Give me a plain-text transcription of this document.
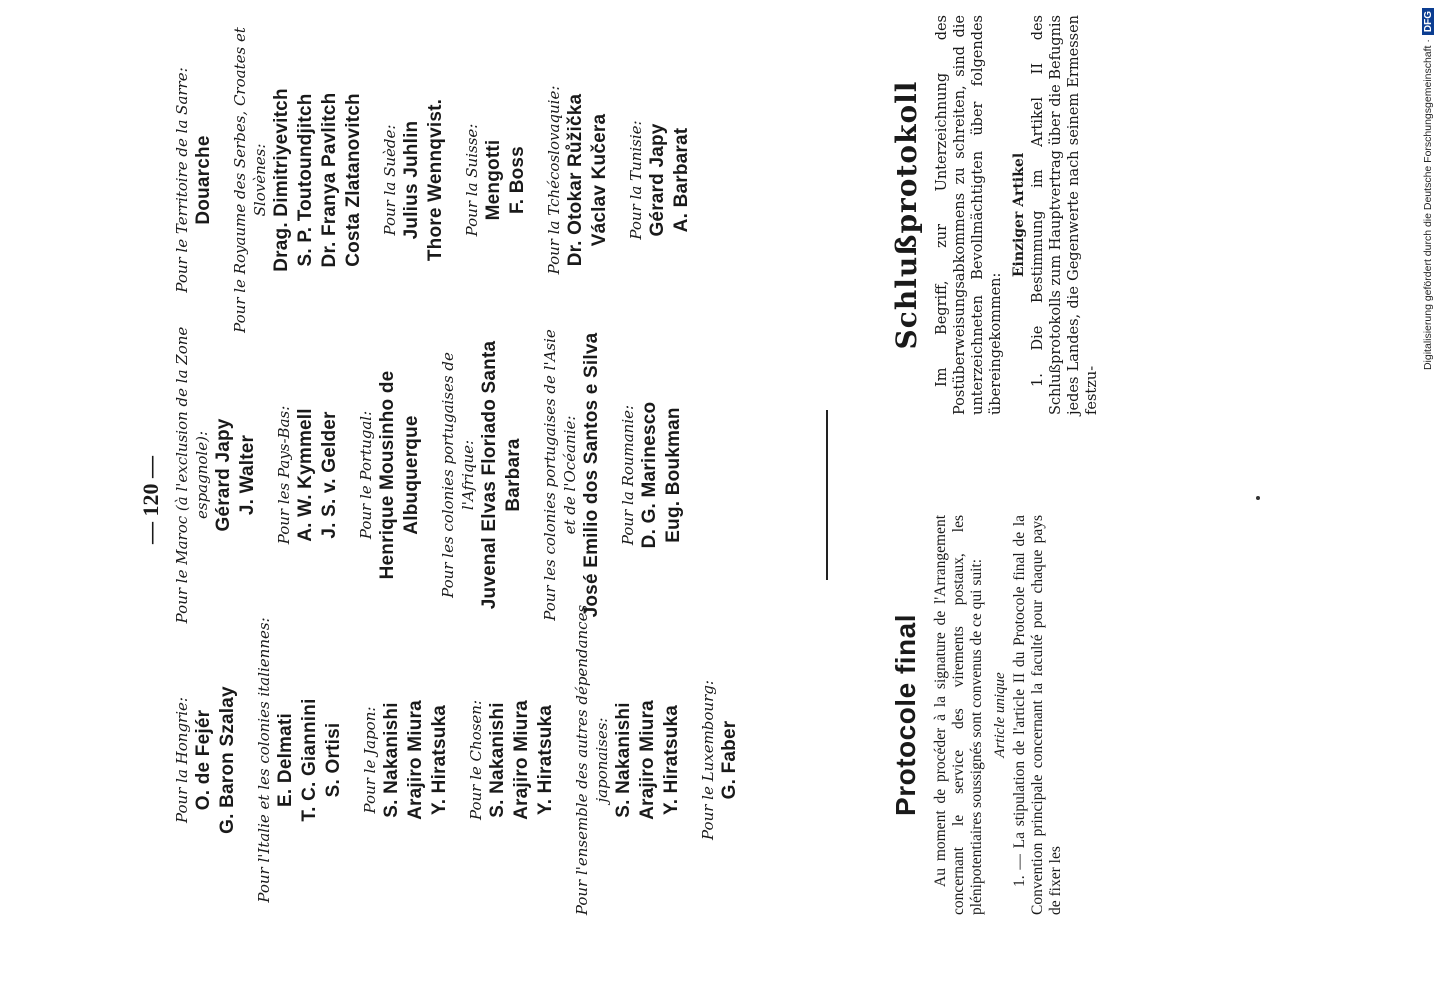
— 120 —
Pour la Hongrie: O. de Fejér G. Baron Szalay Pour l'Italie et les colonies italiennes: E. Delmati T. C. Giannini S. Ortisi Pour le Japon: S. Nakanishi Arajiro Miura Y. Hiratsuka Pour le Chosen: S. Nakanishi Arajiro Miura Y. Hiratsuka Pour l'ensemble des autres dépendances japonaises: S. Nakanishi Arajiro Miura Y. Hiratsuka Pour le Luxembourg: G. Faber
Pour le Maroc (à l'exclusion de la Zone espagnole): Gérard Japy J. Walter Pour les Pays-Bas: A. W. Kymmell J. S. v. Gelder Pour le Portugal: Henrique Mousinho de Albuquerque Pour les colonies portugaises de l'Afrique: Juvenal Elvas Floriado Santa Barbara Pour les colonies portugaises de l'Asie et de l'Océanie: José Emilio dos Santos e Silva Pour la Roumanie: D. G. Marinesco Eug. Boukman
Pour le Territoire de la Sarre: Douarche Pour le Royaume des Serbes, Croates et Slovènes: Drag. Dimitriyevitch S. P. Toutoundjitch Dr. Franya Pavlitch Costa Zlatanovitch Pour la Suède: Julius Juhlin Thore Wennqvist. Pour la Suisse: Mengotti F. Boss Pour la Tchécoslovaquie: Dr. Otokar Růžička Václav Kučera Pour la Tunisie: Gérard Japy A. Barbarat
Protocole final Au moment de procéder à la signature de l'Arrangement concernant le service des virements postaux, les plénipotentiaires soussignés sont convenus de ce qui suit: Article unique 1. — La stipulation de l'article II du Protocole final de la Convention principale concernant la faculté pour chaque pays de fixer les
Schlußprotokoll Im Begriff, zur Unterzeichnung des Postüberweisungsabkommens zu schreiten, sind die unterzeichneten Bevollmächtigten über folgendes übereingekommen:
Einziger Artikel 1. Die Bestimmung im Artikel II des Schlußprotokolls zum Hauptvertrag über die Befugnis jedes Landes, die Gegenwerte nach seinem Ermessen festzu-
Digitalisierung gefördert durch die Deutsche Forschungsgemeinschaft ·DFG
